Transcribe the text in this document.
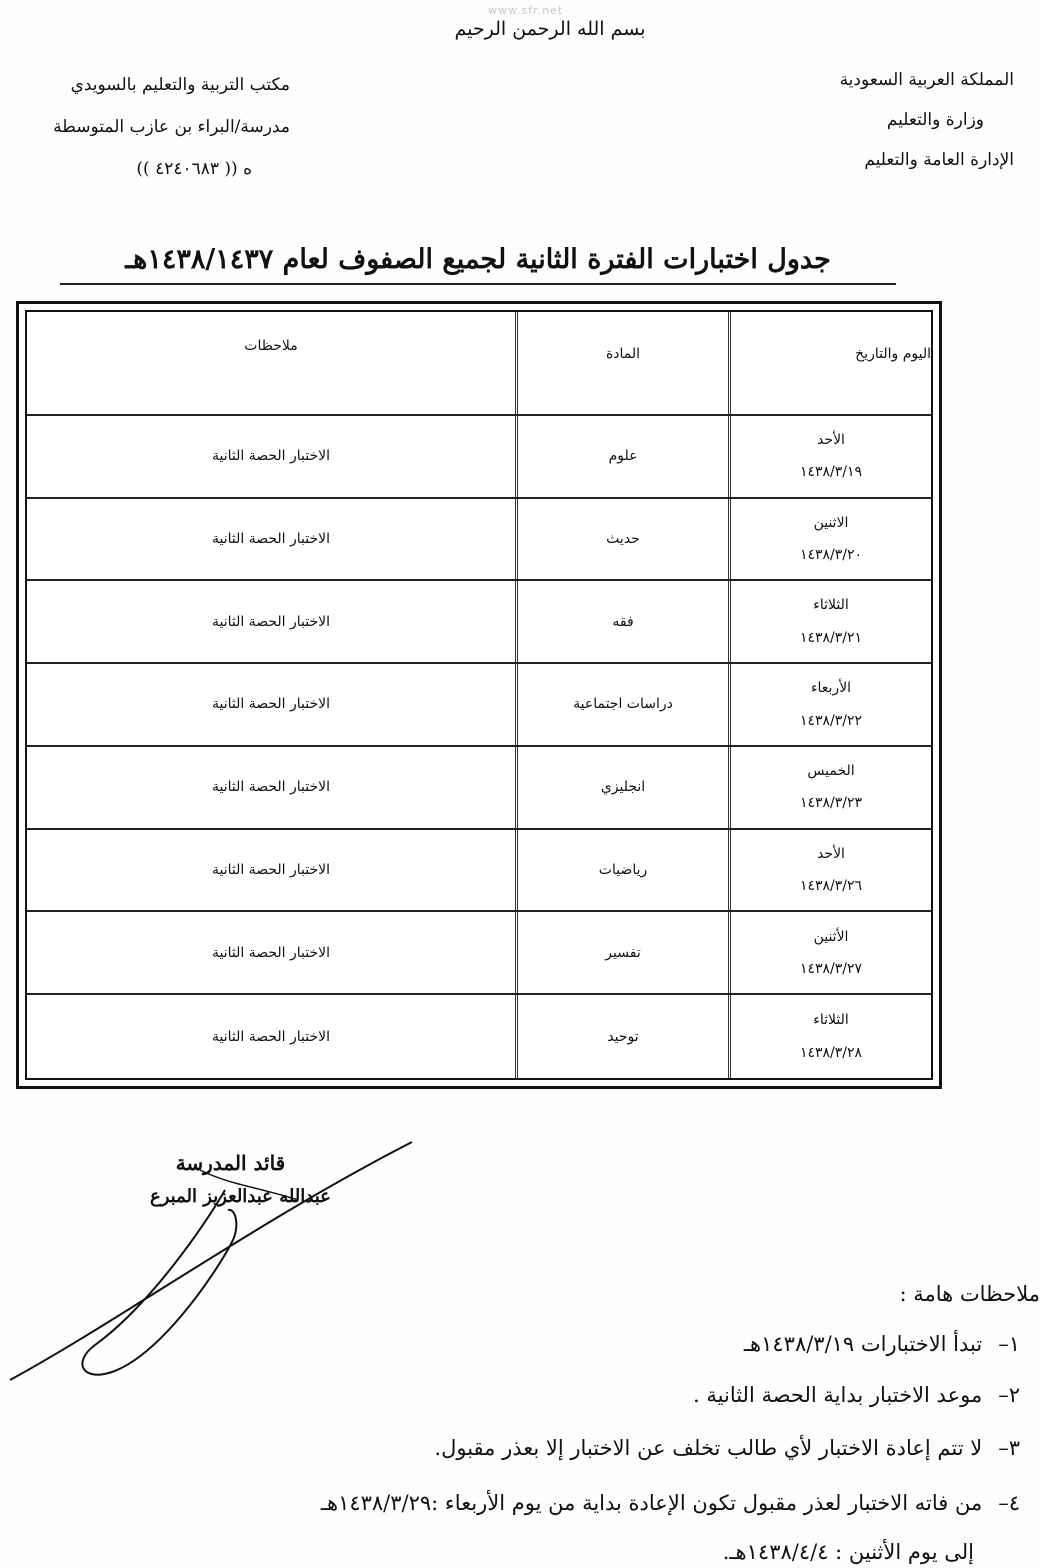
www.sfr.net
بسم الله الرحمن الرحيم
المملكة العربية السعودية
وزارة والتعليم
الإدارة العامة والتعليم
مكتب التربية والتعليم بالسويدي
مدرسة/البراء بن عازب المتوسطة
ه (( ٤٢٤٠٦٨٣ ))
جدول اختبارات الفترة الثانية لجميع الصفوف لعام ١٤٣٨/١٤٣٧هـ
اليوم والتاريخ
المادة
ملاحظات
الأحد
١٤٣٨/٣/١٩
علوم
الاختبار الحصة الثانية
الاثنين
١٤٣٨/٣/٢٠
حديث
الاختبار الحصة الثانية
الثلاثاء
١٤٣٨/٣/٢١
فقه
الاختبار الحصة الثانية
الأربعاء
١٤٣٨/٣/٢٢
دراسات اجتماعية
الاختبار الحصة الثانية
الخميس
١٤٣٨/٣/٢٣
انجليزي
الاختبار الحصة الثانية
الأحد
١٤٣٨/٣/٢٦
رياضيات
الاختبار الحصة الثانية
الأثنين
١٤٣٨/٣/٢٧
تفسير
الاختبار الحصة الثانية
الثلاثاء
١٤٣٨/٣/٢٨
توحيد
الاختبار الحصة الثانية
قائد المدرسة
عبدالله عبدالعزيز المبرع
ملاحظات هامة :
١–تبدأ الاختبارات ١٤٣٨/٣/١٩هـ
٢–موعد الاختبار بداية الحصة الثانية .
٣–لا تتم إعادة الاختبار لأي طالب تخلف عن الاختبار إلا بعذر مقبول.
٤–من فاته الاختبار لعذر مقبول تكون الإعادة بداية من يوم الأربعاء :١٤٣٨/٣/٢٩هـ
إلى يوم الأثنين : ١٤٣٨/٤/٤هـ.
